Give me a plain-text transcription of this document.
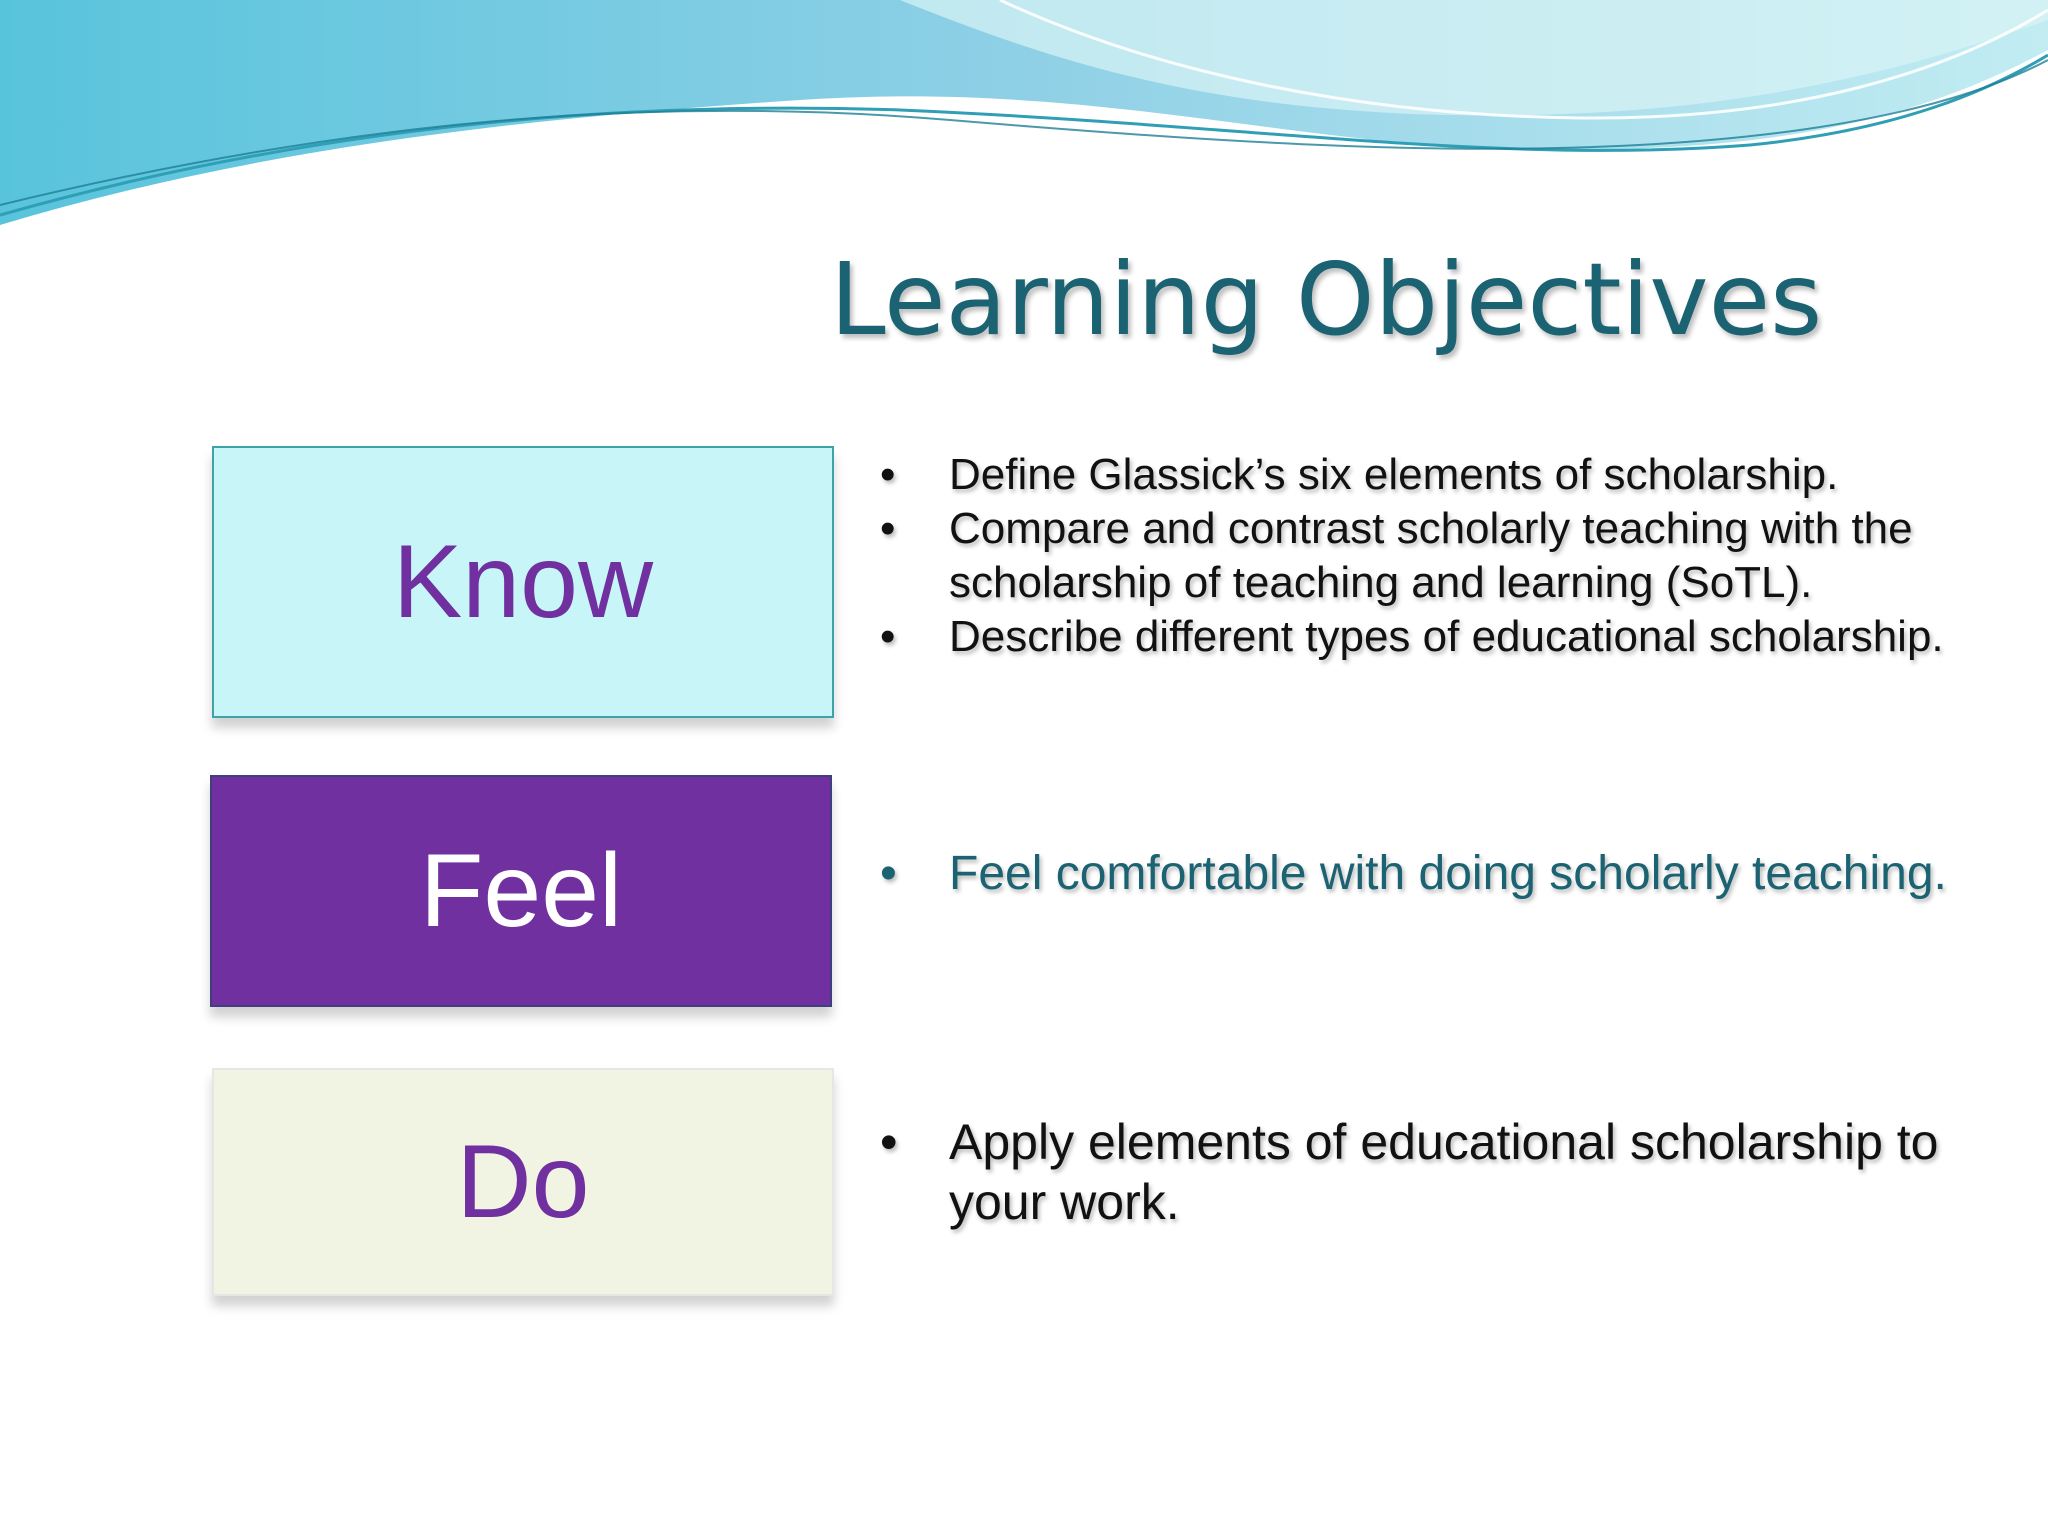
Learning Objectives
Know
Feel
Do
• Define Glassick’s six elements of scholarship.
• Compare and contrast scholarly teaching with the scholarship of teaching and learning (SoTL).
• Describe different types of educational scholarship.
• Feel comfortable with doing scholarly teaching.
• Apply elements of educational scholarship to your work.
